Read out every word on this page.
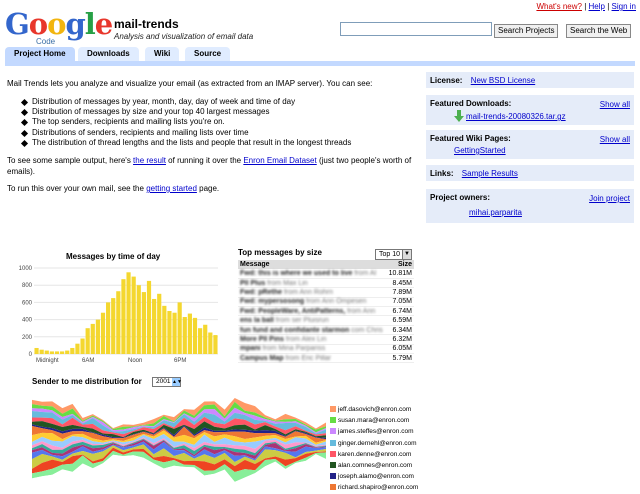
What's new? | Help | Sign in
Google
Code
mail-trends
Analysis and visualization of email data
Search Projects	Search the Web
Project Home	Downloads	Wiki	Source
Mail Trends lets you analyze and visualize your email (as extracted from an IMAP server). You can see:
Distribution of messages by year, month, day, day of week and time of day
Distribution of messages by size and your top 40 largest messages
The top senders, recipients and mailing lists you're on.
Distributions of senders, recipients and mailing lists over time
The distribution of thread lengths and the lists and people that result in the longest threads
To see some sample output, here's the result of running it over the Enron Email Dataset (just two people's worth of emails).
To run this over your own mail, see the getting started page.
License: New BSD License
Featured Downloads:	Show all
mail-trends-20080326.tar.gz
Featured Wiki Pages:	Show all
GettingStarted
Links: Sample Results
Project owners:	Join project
mihai.parparita
Messages by time of day
0
200
400
600
800
1000
Midnight	6AM	Noon	6PM
Top messages by size	Top 10 ▼
Message	Size
Fwd: this is where we used to live from Al	10.81M
Pll Plus from Max Lin	8.45M
Fwd: pRethe from Ann Rohrn	7.89M
Fwd: mypersosong from Ann Ompesen	7.05M
Fwd: PeopleWare, AntiPatterns, from Ann	6.74M
ens la ball from ser Pluisrun	6.59M
fun fund and confidante starmon com Chris	6.34M
More Pll Pins from Alex Lin	6.32M
mpani from Mina Parpariss	6.05M
Campus Map from Eric Pillar	5.79M
Sender to me distribution for	2001 ▲▼
jeff.dasovich@enron.com
susan.mara@enron.com
james.steffes@enron.com
ginger.dernehl@enron.com
karen.denne@enron.com
alan.comnes@enron.com
joseph.alamo@enron.com
richard.shapiro@enron.com
